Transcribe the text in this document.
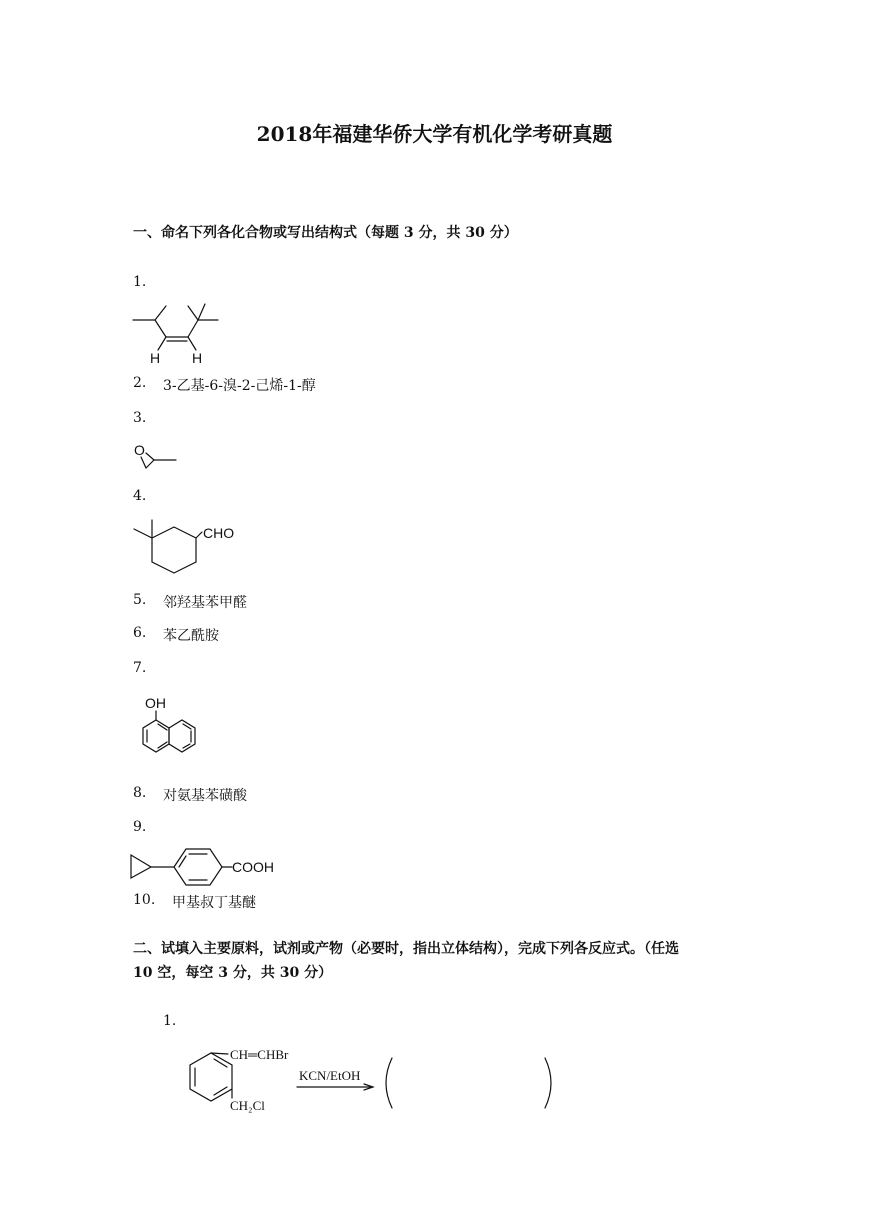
2018年福建华侨大学有机化学考研真题
一、命名下列各化合物或写出结构式（每题 3 分，共 30 分）
1.
H H
2. 3-乙基-6-溴-2-己烯-1-醇
3.
O
4.
CHO
5. 邻羟基苯甲醛
6. 苯乙酰胺
7.
OH
8. 对氨基苯磺酸
9.
COOH
10. 甲基叔丁基醚
二、试填入主要原料，试剂或产物（必要时，指出立体结构），完成下列各反应式。（任选
10 空，每空 3 分，共 30 分）
1.
CH═CHBr
CH₂Cl
KCN/EtOH
